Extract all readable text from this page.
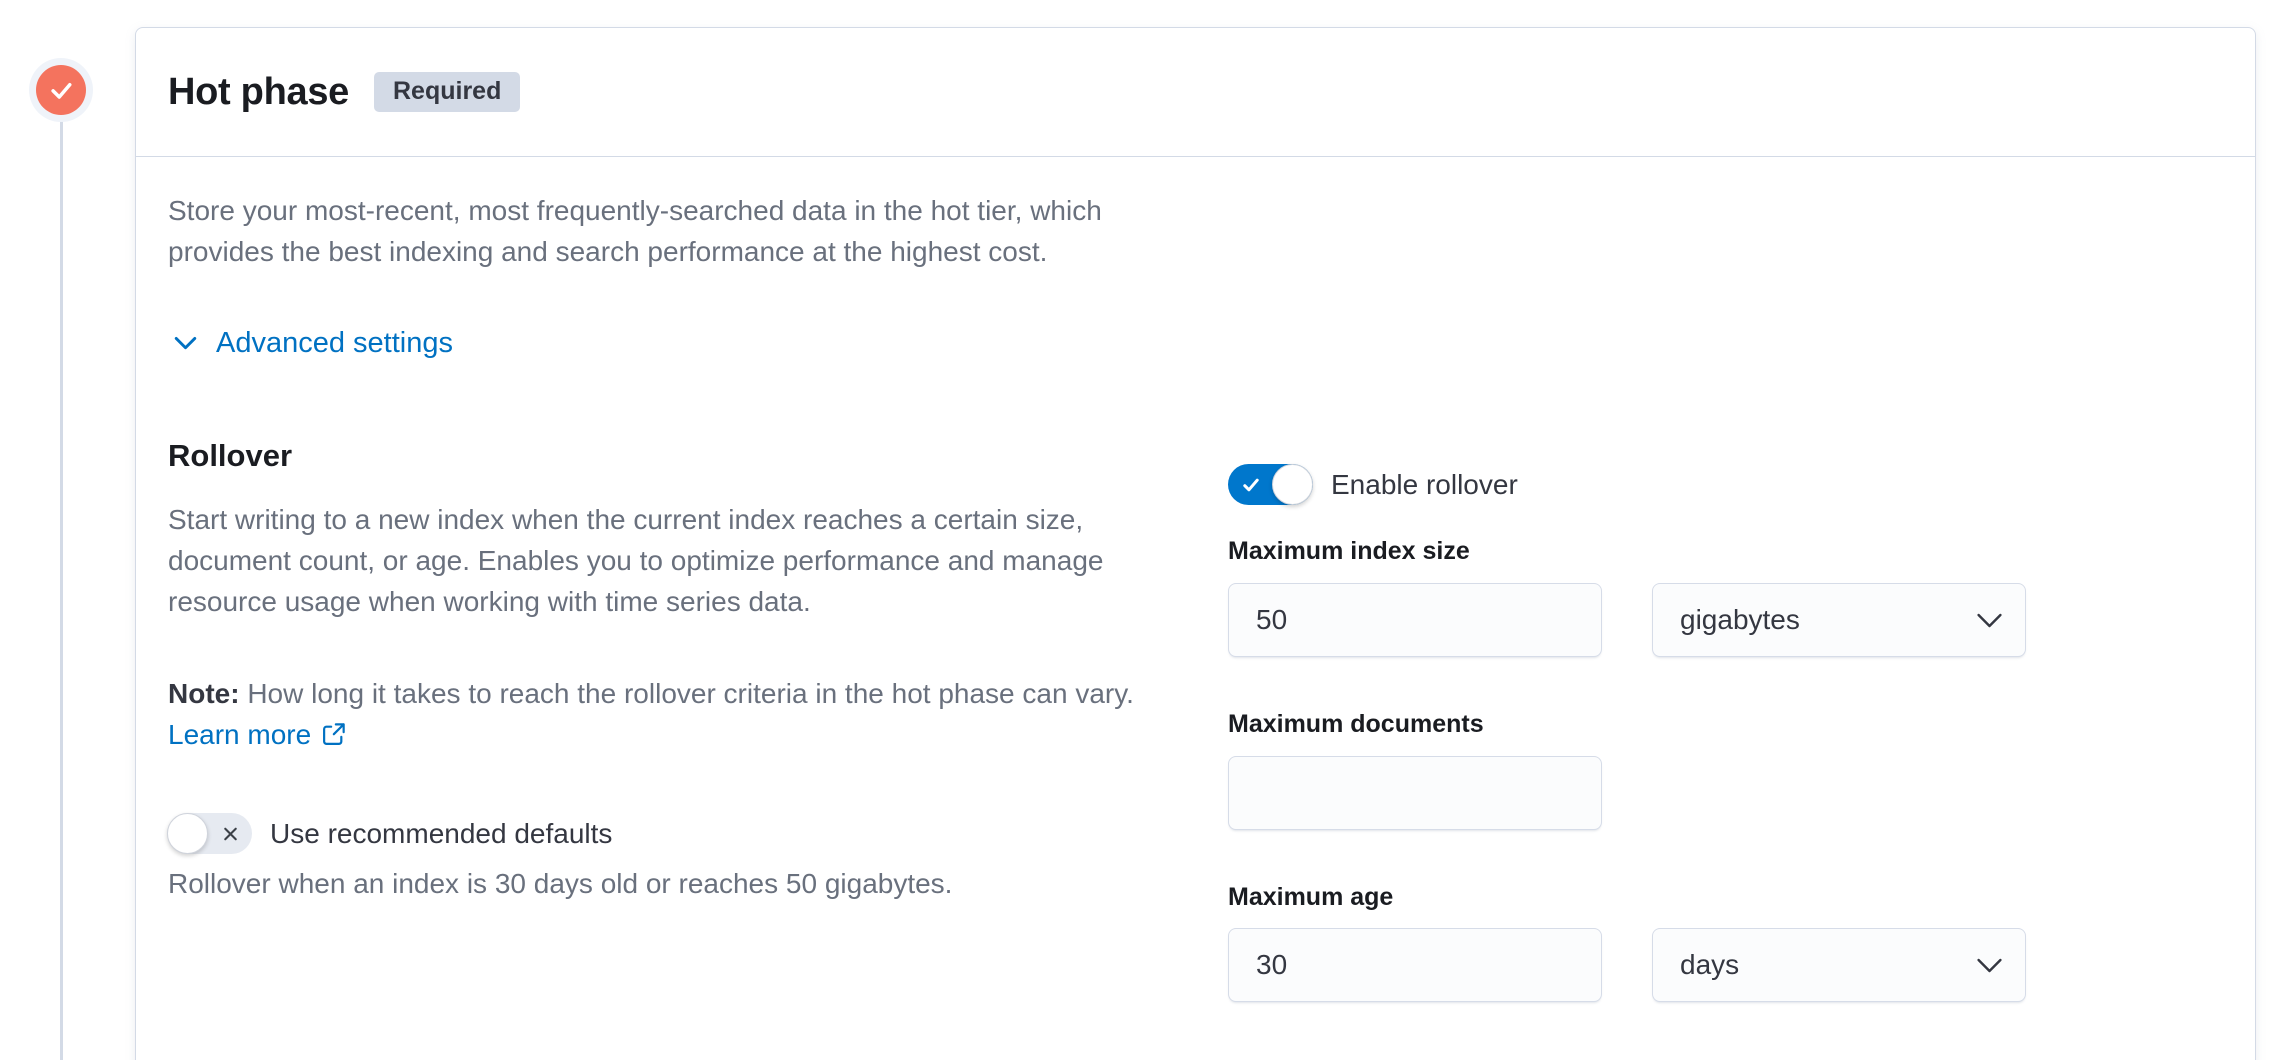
Hot phase	Required

Store your most-recent, most frequently-searched data in the hot tier, which provides the best indexing and search performance at the highest cost.

Advanced settings
Rollover

Start writing to a new index when the current index reaches a certain size, document count, or age. Enables you to optimize performance and manage resource usage when working with time series data.

Note: How long it takes to reach the rollover criteria in the hot phase can vary. Learn more

Use recommended defaults

Rollover when an index is 30 days old or reaches 50 gigabytes.

Enable rollover
Maximum index size
50
gigabytes
Maximum documents
Maximum age
30
days
